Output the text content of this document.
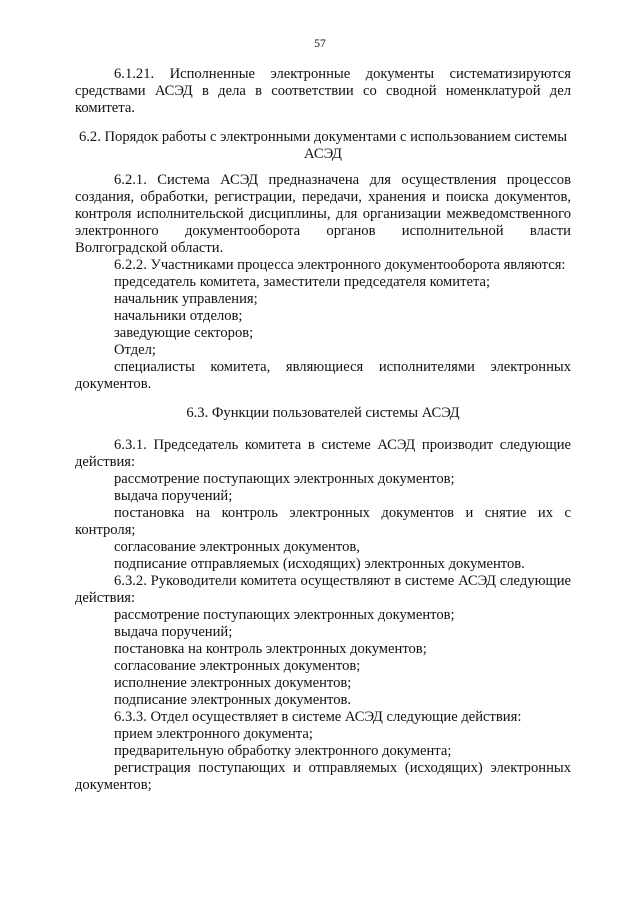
57

6.1.21. Исполненные электронные документы систематизируются средствами АСЭД в дела в соответствии со сводной номенклатурой дел комитета.

6.2. Порядок работы с электронными документами с использованием системы АСЭД

6.2.1. Система АСЭД предназначена для осуществления процессов создания, обработки, регистрации, передачи, хранения и поиска документов, контроля исполнительской дисциплины, для организации межведомственного электронного документооборота органов исполнительной власти Волгоградской области.

6.2.2. Участниками процесса электронного документооборота являются:

председатель комитета, заместители председателя комитета;

начальник управления;

начальники отделов;

заведующие секторов;

Отдел;

специалисты комитета, являющиеся исполнителями электронных документов.

6.3. Функции пользователей системы АСЭД

6.3.1. Председатель комитета в системе АСЭД производит следующие действия:

рассмотрение поступающих электронных документов;

выдача поручений;

постановка на контроль электронных документов и снятие их с контроля;

согласование электронных документов,

подписание отправляемых (исходящих) электронных документов.

6.3.2. Руководители комитета осуществляют в системе АСЭД следующие действия:

рассмотрение поступающих электронных документов;

выдача поручений;

постановка на контроль электронных документов;

согласование электронных документов;

исполнение электронных документов;

подписание электронных документов.

6.3.3. Отдел осуществляет в системе АСЭД следующие действия:

прием электронного документа;

предварительную обработку электронного документа;

регистрация поступающих и отправляемых (исходящих) электронных документов;
